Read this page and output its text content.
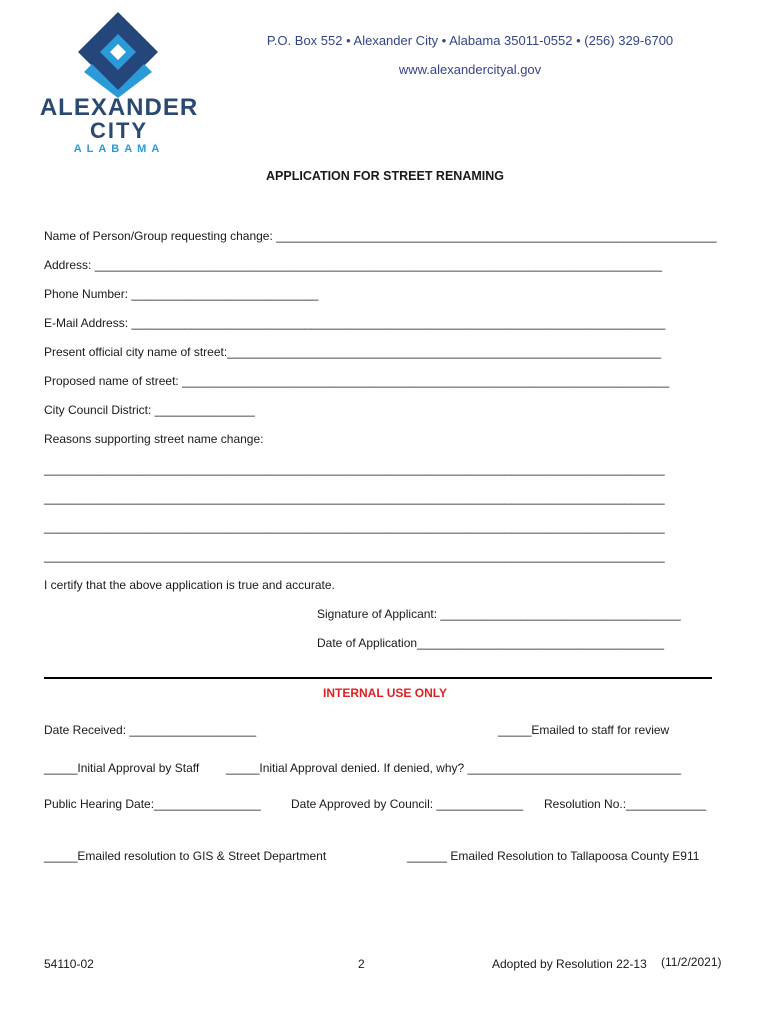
ALEXANDER
CITY
ALABAMA
P.O. Box 552 • Alexander City • Alabama 35011-0552 • (256) 329-6700
www.alexandercityal.gov
APPLICATION FOR STREET RENAMING
Name of Person/Group requesting change: __________________________________________________________________
Address: _____________________________________________________________________________________
Phone Number: ____________________________
E-Mail Address: ________________________________________________________________________________
Present official city name of street:_________________________________________________________________
Proposed name of street: _________________________________________________________________________
City Council District: _______________
Reasons supporting street name change:
_____________________________________________________________________________________________
_____________________________________________________________________________________________
_____________________________________________________________________________________________
_____________________________________________________________________________________________
I certify that the above application is true and accurate.
Signature of Applicant: ____________________________________
Date of Application_____________________________________
INTERNAL USE ONLY
Date Received: ___________________	_____Emailed to staff for review
_____Initial Approval by Staff _____Initial Approval denied. If denied, why? ________________________________
Public Hearing Date:________________	Date Approved by Council: _____________ Resolution No.:____________
_____Emailed resolution to GIS & Street Department	______ Emailed Resolution to Tallapoosa County E911
54110-02	2	Adopted by Resolution 22-13 (11/2/2021)
